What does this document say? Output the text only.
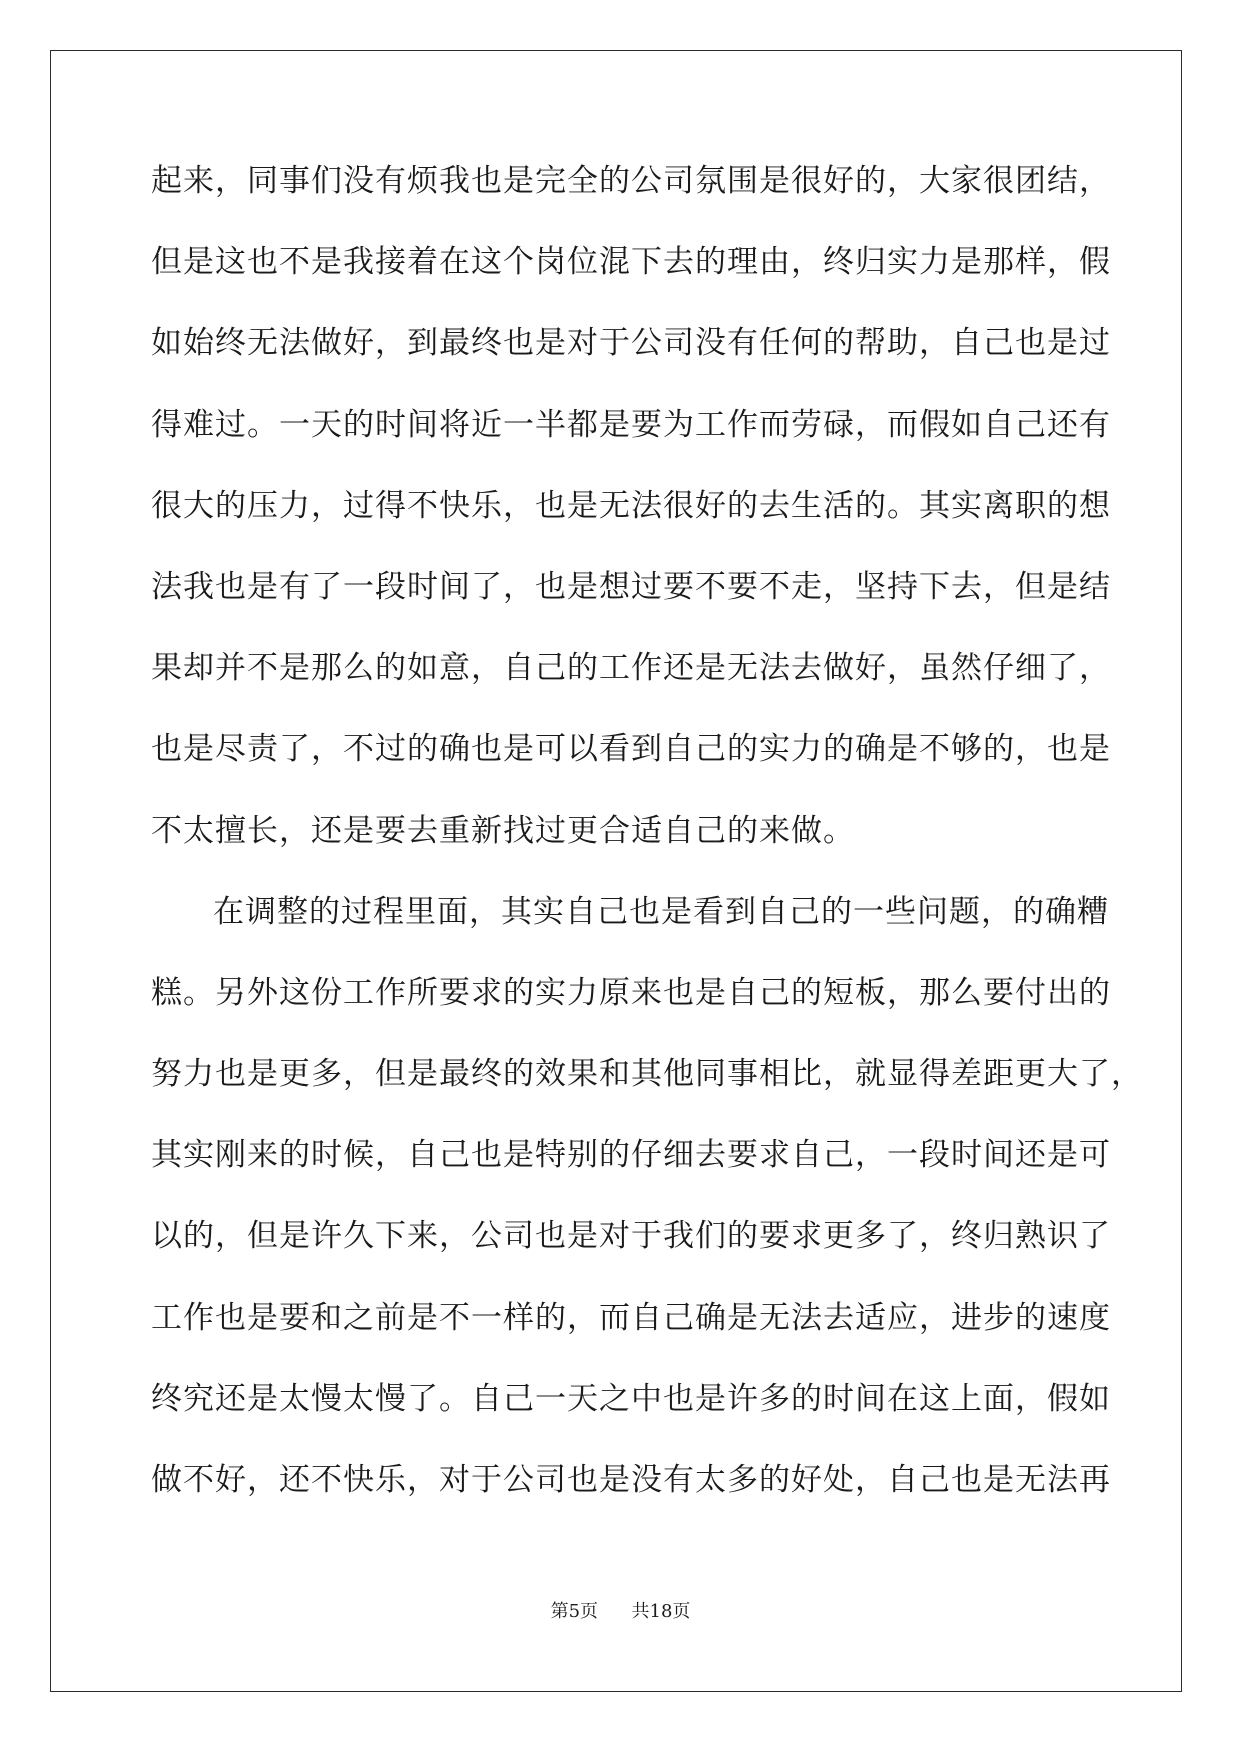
起来，同事们没有烦我也是完全的公司氛围是很好的，大家很团结，
但是这也不是我接着在这个岗位混下去的理由，终归实力是那样，假
如始终无法做好，到最终也是对于公司没有任何的帮助，自己也是过
得难过。一天的时间将近一半都是要为工作而劳碌，而假如自己还有
很大的压力，过得不快乐，也是无法很好的去生活的。其实离职的想
法我也是有了一段时间了，也是想过要不要不走，坚持下去，但是结
果却并不是那么的如意，自己的工作还是无法去做好，虽然仔细了，
也是尽责了，不过的确也是可以看到自己的实力的确是不够的，也是
不太擅长，还是要去重新找过更合适自己的来做。
在调整的过程里面，其实自己也是看到自己的一些问题，的确糟
糕。另外这份工作所要求的实力原来也是自己的短板，那么要付出的
努力也是更多，但是最终的效果和其他同事相比，就显得差距更大了，
其实刚来的时候，自己也是特别的仔细去要求自己，一段时间还是可
以的，但是许久下来，公司也是对于我们的要求更多了，终归熟识了
工作也是要和之前是不一样的，而自己确是无法去适应，进步的速度
终究还是太慢太慢了。自己一天之中也是许多的时间在这上面，假如
做不好，还不快乐，对于公司也是没有太多的好处，自己也是无法再
第5页 共18页
